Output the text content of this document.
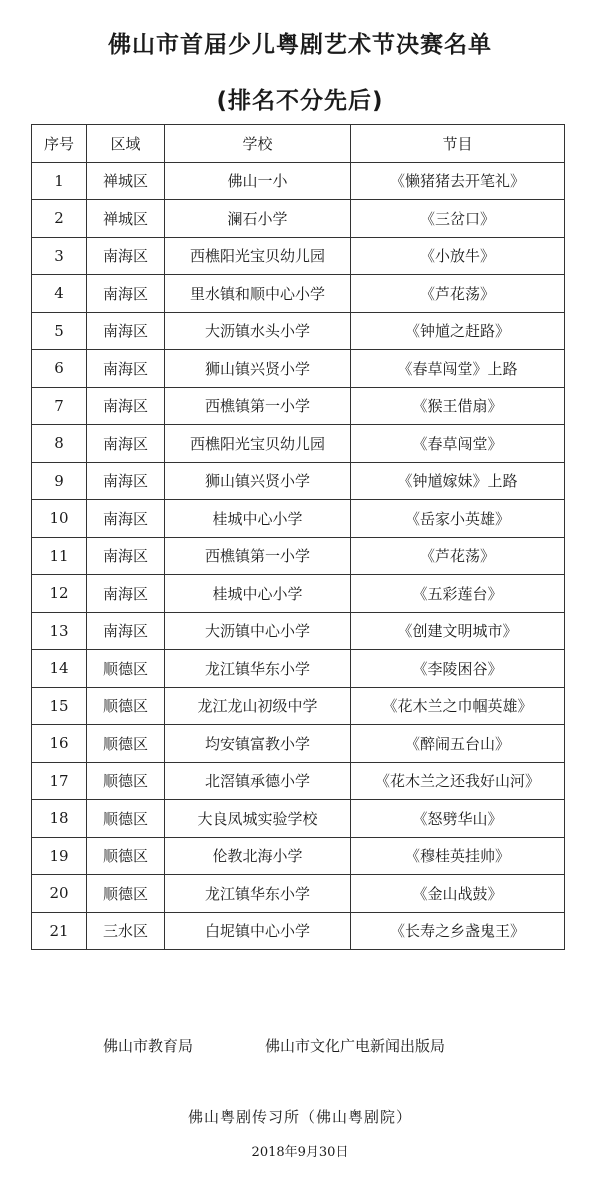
佛山市首届少儿粤剧艺术节决赛名单
(排名不分先后)
序号	区域	学校	节目
1	禅城区	佛山一小	《懒猪猪去开笔礼》
2	禅城区	澜石小学	《三岔口》
3	南海区	西樵阳光宝贝幼儿园	《小放牛》
4	南海区	里水镇和顺中心小学	《芦花荡》
5	南海区	大沥镇水头小学	《钟馗之赶路》
6	南海区	狮山镇兴贤小学	《春草闯堂》上路
7	南海区	西樵镇第一小学	《猴王借扇》
8	南海区	西樵阳光宝贝幼儿园	《春草闯堂》
9	南海区	狮山镇兴贤小学	《钟馗嫁妹》上路
10	南海区	桂城中心小学	《岳家小英雄》
11	南海区	西樵镇第一小学	《芦花荡》
12	南海区	桂城中心小学	《五彩莲台》
13	南海区	大沥镇中心小学	《创建文明城市》
14	顺德区	龙江镇华东小学	《李陵困谷》
15	顺德区	龙江龙山初级中学	《花木兰之巾帼英雄》
16	顺德区	均安镇富教小学	《醉闹五台山》
17	顺德区	北滘镇承德小学	《花木兰之还我好山河》
18	顺德区	大良凤城实验学校	《怒劈华山》
19	顺德区	伦教北海小学	《穆桂英挂帅》
20	顺德区	龙江镇华东小学	《金山战鼓》
21	三水区	白坭镇中心小学	《长寿之乡盏鬼王》
佛山市教育局	佛山市文化广电新闻出版局
佛山粤剧传习所（佛山粤剧院）
2018年9月30日
